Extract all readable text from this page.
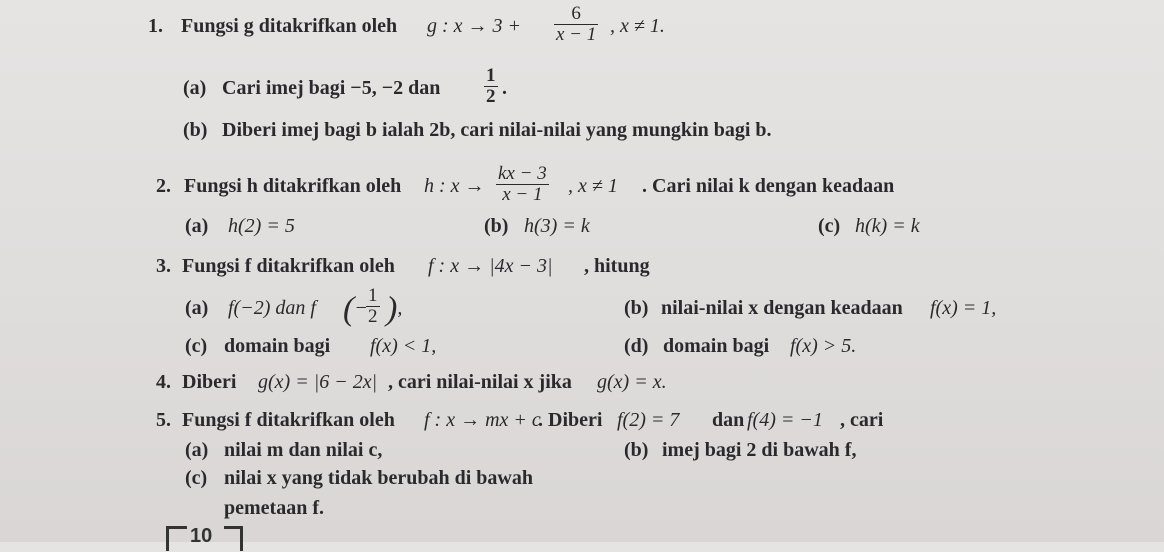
1. Fungsi g ditakrifkan oleh g : $x \to 3 + \frac{6}{x - 1}$ , x ≠ 1.
(a) Cari imej bagi −5, −2 dan $\frac{1}{2}$ .
(b) Diberi imej bagi b ialah 2b, cari nilai-nilai yang mungkin bagi b.
2. Fungsi h ditakrifkan oleh h : $x \to \frac{kx - 3}{x - 1}$ , x ≠ 1 . Cari nilai k dengan keadaan
(a) h(2) = 5	(b) h(3) = k	(c) h(k) = k
3. Fungsi f ditakrifkan oleh f : x → |4x − 3| , hitung
(a) f(−2) dan f (−
$\frac{1}{2}$ ),	(b) nilai-nilai x dengan keadaan f(x) = 1,
(c) domain bagi f(x) < 1,	(d) domain bagi f(x) > 5.
4. Diberi g(x) = |6 − 2x| , cari nilai-nilai x jika g(x) = x.
5. Fungsi f ditakrifkan oleh f : x → mx + c
. Diberi f(2) = 7 dan f(4) = −1 , cari
(a) nilai m dan nilai c,	(b) imej bagi 2 di bawah f,
(c) nilai x yang tidak berubah di bawah
pemetaan f.
10
